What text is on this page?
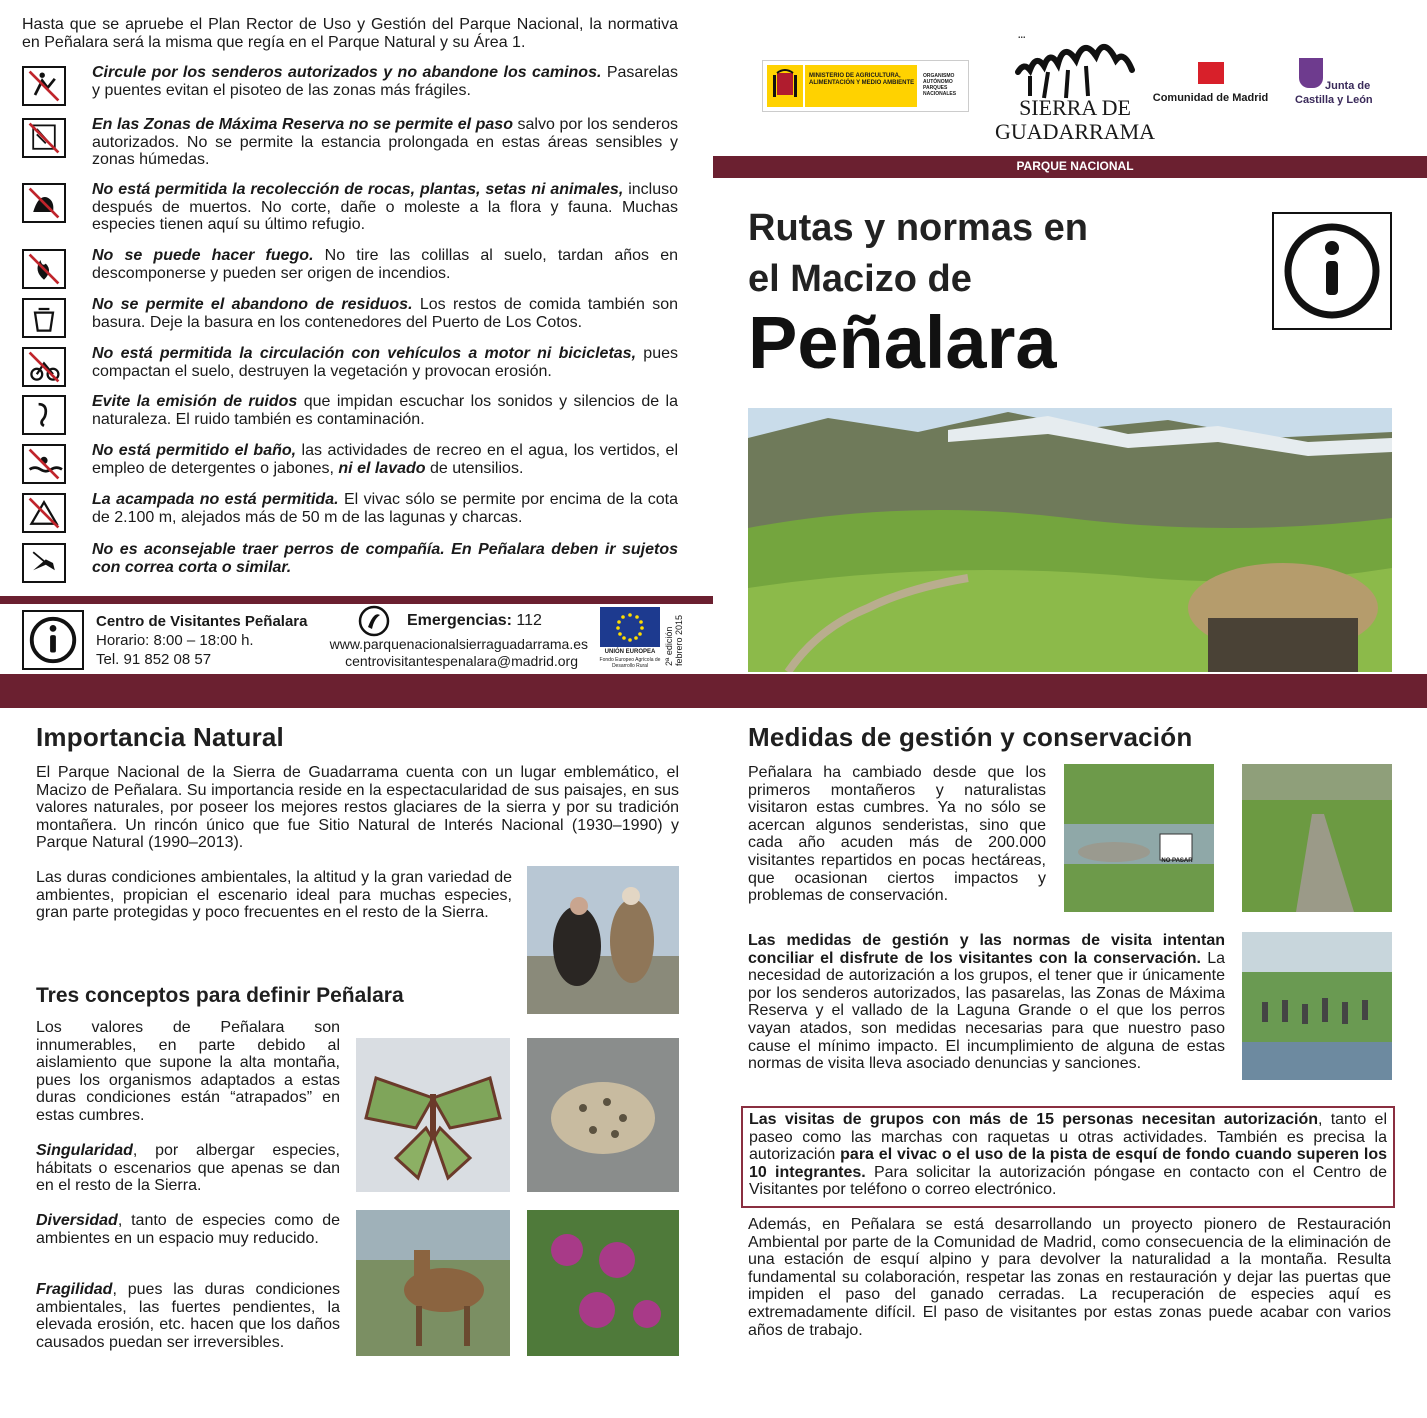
Hasta que se apruebe el Plan Rector de Uso y Gestión del Parque Nacional, la normativa en Peñalara será la misma que regía en el Parque Natural y su Área 1.
Circule por los senderos autorizados y no abandone los caminos. Pasarelas y puentes evitan el pisoteo de las zonas más frágiles.
En las Zonas de Máxima Reserva no se permite el paso salvo por los senderos autorizados. No se permite la estancia prolongada en estas áreas sensibles y zonas húmedas.
No está permitida la recolección de rocas, plantas, setas ni animales, incluso después de muertos. No corte, dañe o moleste a la flora y fauna. Muchas especies tienen aquí su último refugio.
No se puede hacer fuego. No tire las colillas al suelo, tardan años en descomponerse y pueden ser origen de incendios.
No se permite el abandono de residuos. Los restos de comida también son basura. Deje la basura en los contenedores del Puerto de Los Cotos.
No está permitida la circulación con vehículos a motor ni bicicletas, pues compactan el suelo, destruyen la vegetación y provocan erosión.
Evite la emisión de ruidos que impidan escuchar los sonidos y silencios de la naturaleza. El ruido también es contaminación.
No está permitido el baño, las actividades de recreo en el agua, los vertidos, el empleo de detergentes o jabones, ni el lavado de utensilios.
La acampada no está permitida. El vivac sólo se permite por encima de la cota de 2.100 m, alejados más de 50 m de las lagunas y charcas.
No es aconsejable traer perros de compañía. En Peñalara deben ir sujetos con correa corta o similar.
Centro de Visitantes Peñalara
Horario: 8:00 – 18:00 h.
Tel. 91 852 08 57
Emergencias: 112
www.parquenacionalsierraguadarrama.es
centrovisitantespenalara@madrid.org
UNIÓN EUROPEA
Fondo Europeo Agrícola de Desarrollo Rural	2ª edición febrero 2015
MINISTERIO DE AGRICULTURA, ALIMENTACIÓN Y MEDIO AMBIENTE
ORGANISMO AUTÓNOMO PARQUES NACIONALES
ꞏꞏꞏ
SIERRA DE
GUADARRAMA
Comunidad de Madrid
Junta de
Castilla y León
PARQUE NACIONAL
Rutas y normas en
el Macizo de
Peñalara
Importancia Natural
El Parque Nacional de la Sierra de Guadarrama cuenta con un lugar emblemático, el Macizo de Peñalara. Su importancia reside en la espectacularidad de sus paisajes, en sus valores naturales, por poseer los mejores restos glaciares de la sierra y por su tradición montañera. Un rincón único que fue Sitio Natural de Interés Nacional (1930–1990) y Parque Natural (1990–2013).
Las duras condiciones ambientales, la altitud y la gran variedad de ambientes, propician el escenario ideal para muchas especies, gran parte protegidas y poco frecuentes en el resto de la Sierra.
Tres conceptos para definir Peñalara
Los valores de Peñalara son innumerables, en parte debido al aislamiento que supone la alta montaña, pues los organismos adaptados a estas duras condiciones están “atrapados” en estas cumbres.
Singularidad, por albergar especies, hábitats o escenarios que apenas se dan en el resto de la Sierra.
Diversidad, tanto de especies como de ambientes en un espacio muy reducido.
Fragilidad, pues las duras condiciones ambientales, las fuertes pendientes, la elevada erosión, etc. hacen que los daños causados puedan ser irreversibles.
Medidas de gestión y conservación
Peñalara ha cambiado desde que los primeros montañeros y naturalistas visitaron estas cumbres. Ya no sólo se acercan algunos senderistas, sino que cada año acuden más de 200.000 visitantes repartidos en pocas hectáreas, que ocasionan ciertos impactos y problemas de conservación.
NO PASAR
Las medidas de gestión y las normas de visita intentan conciliar el disfrute de los visitantes con la conservación. La necesidad de autorización a los grupos, el tener que ir únicamente por los senderos autorizados, las pasarelas, las Zonas de Máxima Reserva y el vallado de la Laguna Grande o el que los perros vayan atados, son medidas necesarias para que nuestro paso cause el mínimo impacto. El incumplimiento de alguna de estas normas de visita lleva asociado denuncias y sanciones.
Las visitas de grupos con más de 15 personas necesitan autorización, tanto el paseo como las marchas con raquetas u otras actividades. También es precisa la autorización para el vivac o el uso de la pista de esquí de fondo cuando superen los 10 integrantes. Para solicitar la autorización póngase en contacto con el Centro de Visitantes por teléfono o correo electrónico.
Además, en Peñalara se está desarrollando un proyecto pionero de Restauración Ambiental por parte de la Comunidad de Madrid, como consecuencia de la eliminación de una estación de esquí alpino y para devolver la naturalidad a la montaña. Resulta fundamental su colaboración, respetar las zonas en restauración y dejar las puertas que impiden el paso del ganado cerradas. La recuperación de especies aquí es extremadamente difícil. El paso de visitantes por estas zonas puede acabar con varios años de trabajo.
